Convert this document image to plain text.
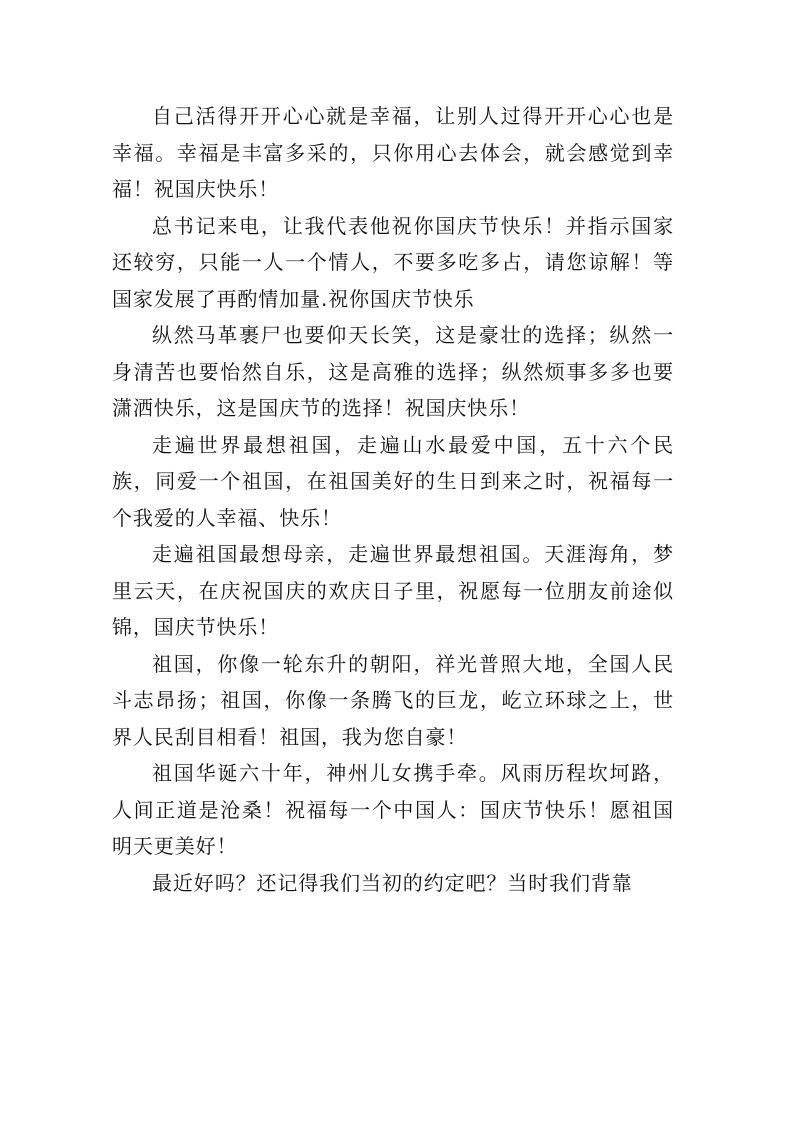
自己活得开开心心就是幸福，让别人过得开开心心也是幸福。幸福是丰富多采的，只你用心去体会，就会感觉到幸福！祝国庆快乐！

总书记来电，让我代表他祝你国庆节快乐！并指示国家还较穷，只能一人一个情人，不要多吃多占，请您谅解！等国家发展了再酌情加量.祝你国庆节快乐

纵然马革裹尸也要仰天长笑，这是豪壮的选择；纵然一身清苦也要怡然自乐，这是高雅的选择；纵然烦事多多也要潇洒快乐，这是国庆节的选择！祝国庆快乐！

走遍世界最想祖国，走遍山水最爱中国，五十六个民族，同爱一个祖国，在祖国美好的生日到来之时，祝福每一个我爱的人幸福、快乐！

走遍祖国最想母亲，走遍世界最想祖国。天涯海角，梦里云天，在庆祝国庆的欢庆日子里，祝愿每一位朋友前途似锦，国庆节快乐！

祖国，你像一轮东升的朝阳，祥光普照大地，全国人民斗志昂扬；祖国，你像一条腾飞的巨龙，屹立环球之上，世界人民刮目相看！祖国，我为您自豪！

祖国华诞六十年，神州儿女携手牵。风雨历程坎坷路，人间正道是沧桑！祝福每一个中国人：国庆节快乐！愿祖国明天更美好！

最近好吗？还记得我们当初的约定吧？当时我们背靠
